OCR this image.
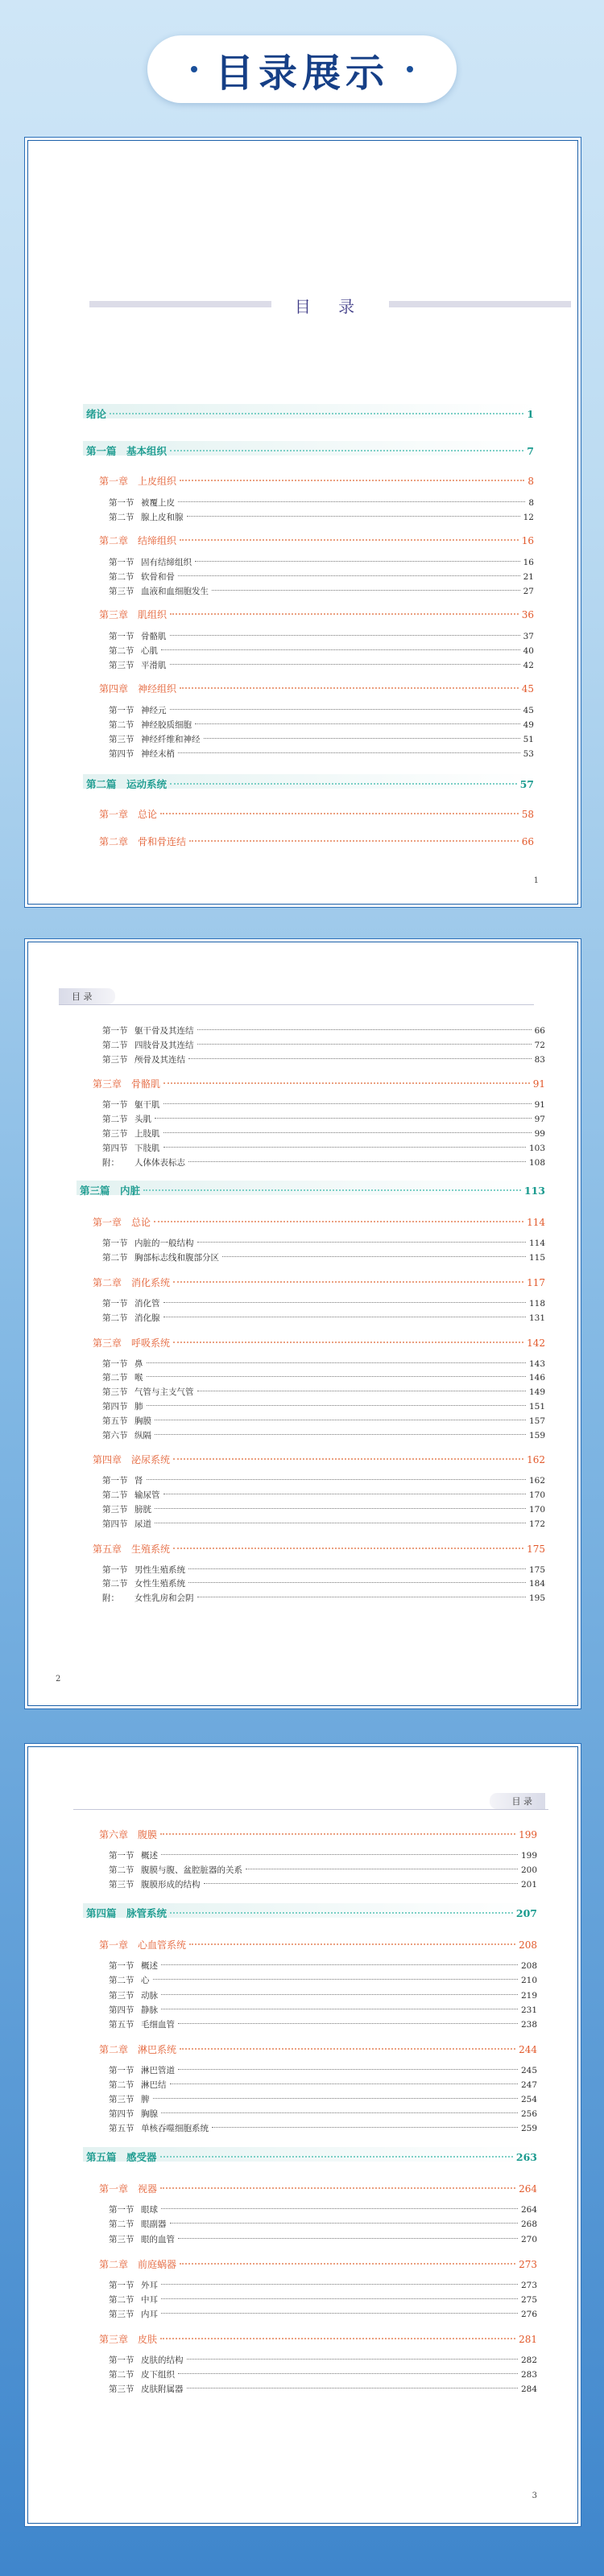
目录展示
目 录
绪论	1
第一篇　基本组织	7
第一章　上皮组织	8
第一节 被覆上皮	8
第二节 腺上皮和腺	12
第二章　结缔组织	16
第一节 固有结缔组织	16
第二节 软骨和骨	21
第三节 血液和血细胞发生	27
第三章　肌组织	36
第一节 骨骼肌	37
第二节 心肌	40
第三节 平滑肌	42
第四章　神经组织	45
第一节 神经元	45
第二节 神经胶质细胞	49
第三节 神经纤维和神经	51
第四节 神经末梢	53
第二篇　运动系统	57
第一章　总论	58
第二章　骨和骨连结	66
1
目 录
第一节 躯干骨及其连结	66
第二节 四肢骨及其连结	72
第三节 颅骨及其连结	83
第三章　骨骼肌	91
第一节 躯干肌	91
第二节 头肌	97
第三节 上肢肌	99
第四节 下肢肌	103
附： 人体体表标志	108
第三篇　内脏	113
第一章　总论	114
第一节 内脏的一般结构	114
第二节 胸部标志线和腹部分区	115
第二章　消化系统	117
第一节 消化管	118
第二节 消化腺	131
第三章　呼吸系统	142
第一节 鼻	143
第二节 喉	146
第三节 气管与主支气管	149
第四节 肺	151
第五节 胸膜	157
第六节 纵隔	159
第四章　泌尿系统	162
第一节 肾	162
第二节 输尿管	170
第三节 膀胱	170
第四节 尿道	172
第五章　生殖系统	175
第一节 男性生殖系统	175
第二节 女性生殖系统	184
附： 女性乳房和会阴	195
2
目 录
第六章　腹膜	199
第一节 概述	199
第二节 腹膜与腹、盆腔脏器的关系	200
第三节 腹膜形成的结构	201
第四篇　脉管系统	207
第一章　心血管系统	208
第一节 概述	208
第二节 心	210
第三节 动脉	219
第四节 静脉	231
第五节 毛细血管	238
第二章　淋巴系统	244
第一节 淋巴管道	245
第二节 淋巴结	247
第三节 脾	254
第四节 胸腺	256
第五节 单核吞噬细胞系统	259
第五篇　感受器	263
第一章　视器	264
第一节 眼球	264
第二节 眼副器	268
第三节 眼的血管	270
第二章　前庭蜗器	273
第一节 外耳	273
第二节 中耳	275
第三节 内耳	276
第三章　皮肤	281
第一节 皮肤的结构	282
第二节 皮下组织	283
第三节 皮肤附属器	284
3
